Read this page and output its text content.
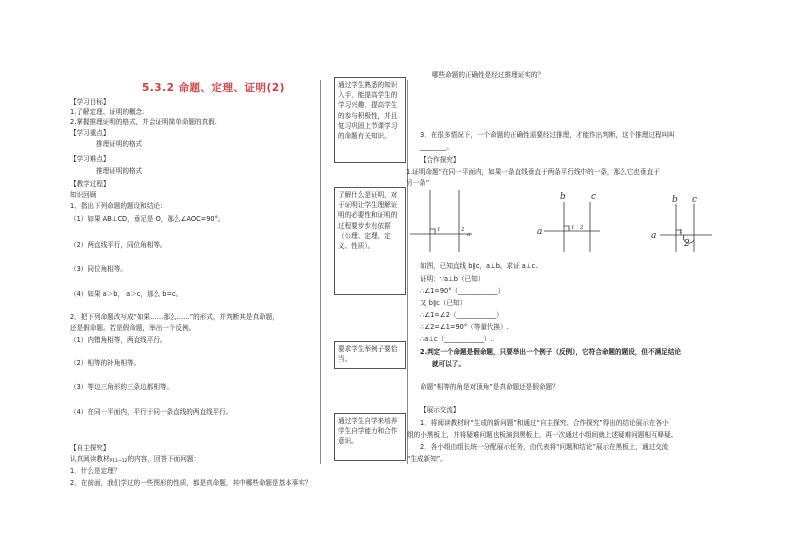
5.3.2 命题、定理、证明(2)
【学习目标】
1.了解定理、证明的概念.
2.掌握推理证明的格式，并会证明简单命题的真假.
【学习重点】
推理证明的格式
【学习难点】
推理证明的格式
【教学过程】
知识回顾
1、指出下列命题的题设和结论：
（1）如果 AB⊥CD，垂足是 O，那么∠AOC=90°。
（2）两直线平行，同位角相等。
（3）同位角相等。
（4）如果 a＞b， a＞c，那么 b=c。
2、把下列命题改写成“如果……那么……”的形式，并判断其是真命题，
还是假命题。若是假命题，举出一个反例。
（1）内错角相等，两直线平行。
（2）相等的补角相等。
（3）等边三角形的三条边都相等。
（4）在同一平面内，平行于同一条直线的两直线平行。
【自主探究】
认真阅读教材P11~12的内容，回答下面问题：
1．什么是定理？
2．在前面，我们学过的一些图形的性质，都是真命题，其中哪些命题是基本事实？
通过学生熟悉的知识入手，能提高学生的学习兴趣、提高学生的参与积极性，并且复习巩固上节课学习的命题有关知识。
了解什么是证明，对于证明让学生理解证明的必要性和证明的过程要步步有依据（公理、定理、定义、性质）。
要求学生举例子要恰当。
通过学生自学来培养学生自学能力和合作意识。
哪些命题的正确性是经过推理证实的？
3．在很多情况下，一个命题的正确性需要经过推理，才能作出判断，这个推理过程叫叫
________。
【合作探究】
1.证明命题“在同一平面内，如果一条直线垂直于两条平行线中的一条，那么它也垂直于
另一条”
a
1	2
b	c
a	1 2
b c
a	1
2
如图，已知直线 b∥c，a⊥b。求证 a⊥c.
证明：∵a⊥b（已知）
∴∠1=90°（____________）
又 b∥c（已知）
∴∠1=∠2（____________）
∴∠2=∠1=90°（等量代换）.
∴a⊥c（____________）.
2.判定一个命题是假命题，只要举出一个例子（反例），它符合命题的题设，但不满足结论
就可以了。
命题“相等的角是对顶角”是真命题还是假命题？
【展示交流】
1．将阅读教材时“生成的新问题”和通过“自主探究、合作探究”得出的结论展示在各小
组的小黑板上，并将疑难问题也板演到黑板上，再一次通过小组间就上述疑难问题相互释疑。
2．各小组由组长统一分配展示任务，由代表将“问题和结论”展示在黑板上，通过交流
“生成新知”。
